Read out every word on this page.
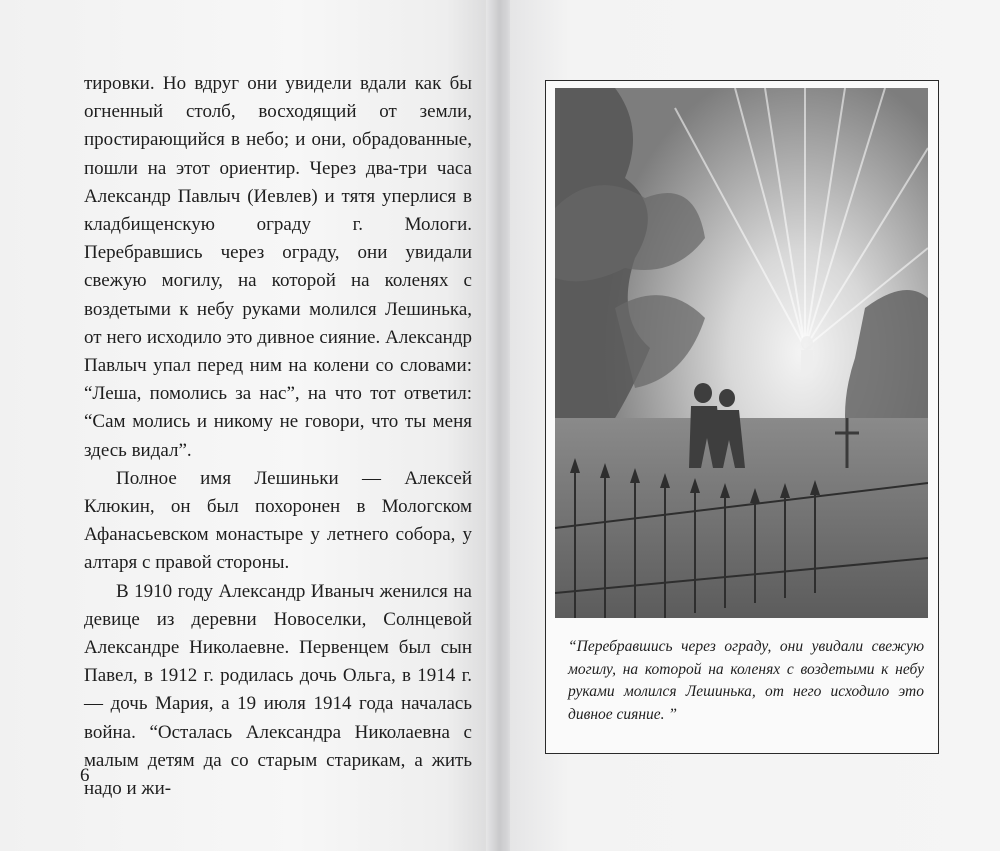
тировки. Но вдруг они увидели вдали как бы огненный столб, восходящий от земли, простирающийся в небо; и они, обрадованные, пошли на этот ориентир. Через два-три часа Александр Павлыч (Иевлев) и тятя уперлися в кладбищенскую ограду г. Мологи. Перебравшись через ограду, они увидали свежую могилу, на которой на коленях с воздетыми к небу руками молился Лешинька, от него исходило это дивное сияние. Александр Павлыч упал перед ним на колени со словами: “Леша, помолись за нас”, на что тот ответил: “Сам молись и никому не говори, что ты меня здесь видал”.

Полное имя Лешиньки — Алексей Клюкин, он был похоронен в Мологском Афанасьевском монастыре у летнего собора, у алтаря с правой стороны.

В 1910 году Александр Иваныч женился на девице из деревни Новоселки, Солнцевой Александре Николаевне. Первенцем был сын Павел, в 1912 г. родилась дочь Ольга, в 1914 г. — дочь Мария, а 19 июля 1914 года началась война. “Осталась Александра Николаевна с малым детям да со старым старикам, а жить надо и жи-

6
“Перебравшись через ограду, они увидали свежую могилу, на которой на коленях с воздетыми к небу руками молился Лешинька, от него исходило это дивное сияние. ”
